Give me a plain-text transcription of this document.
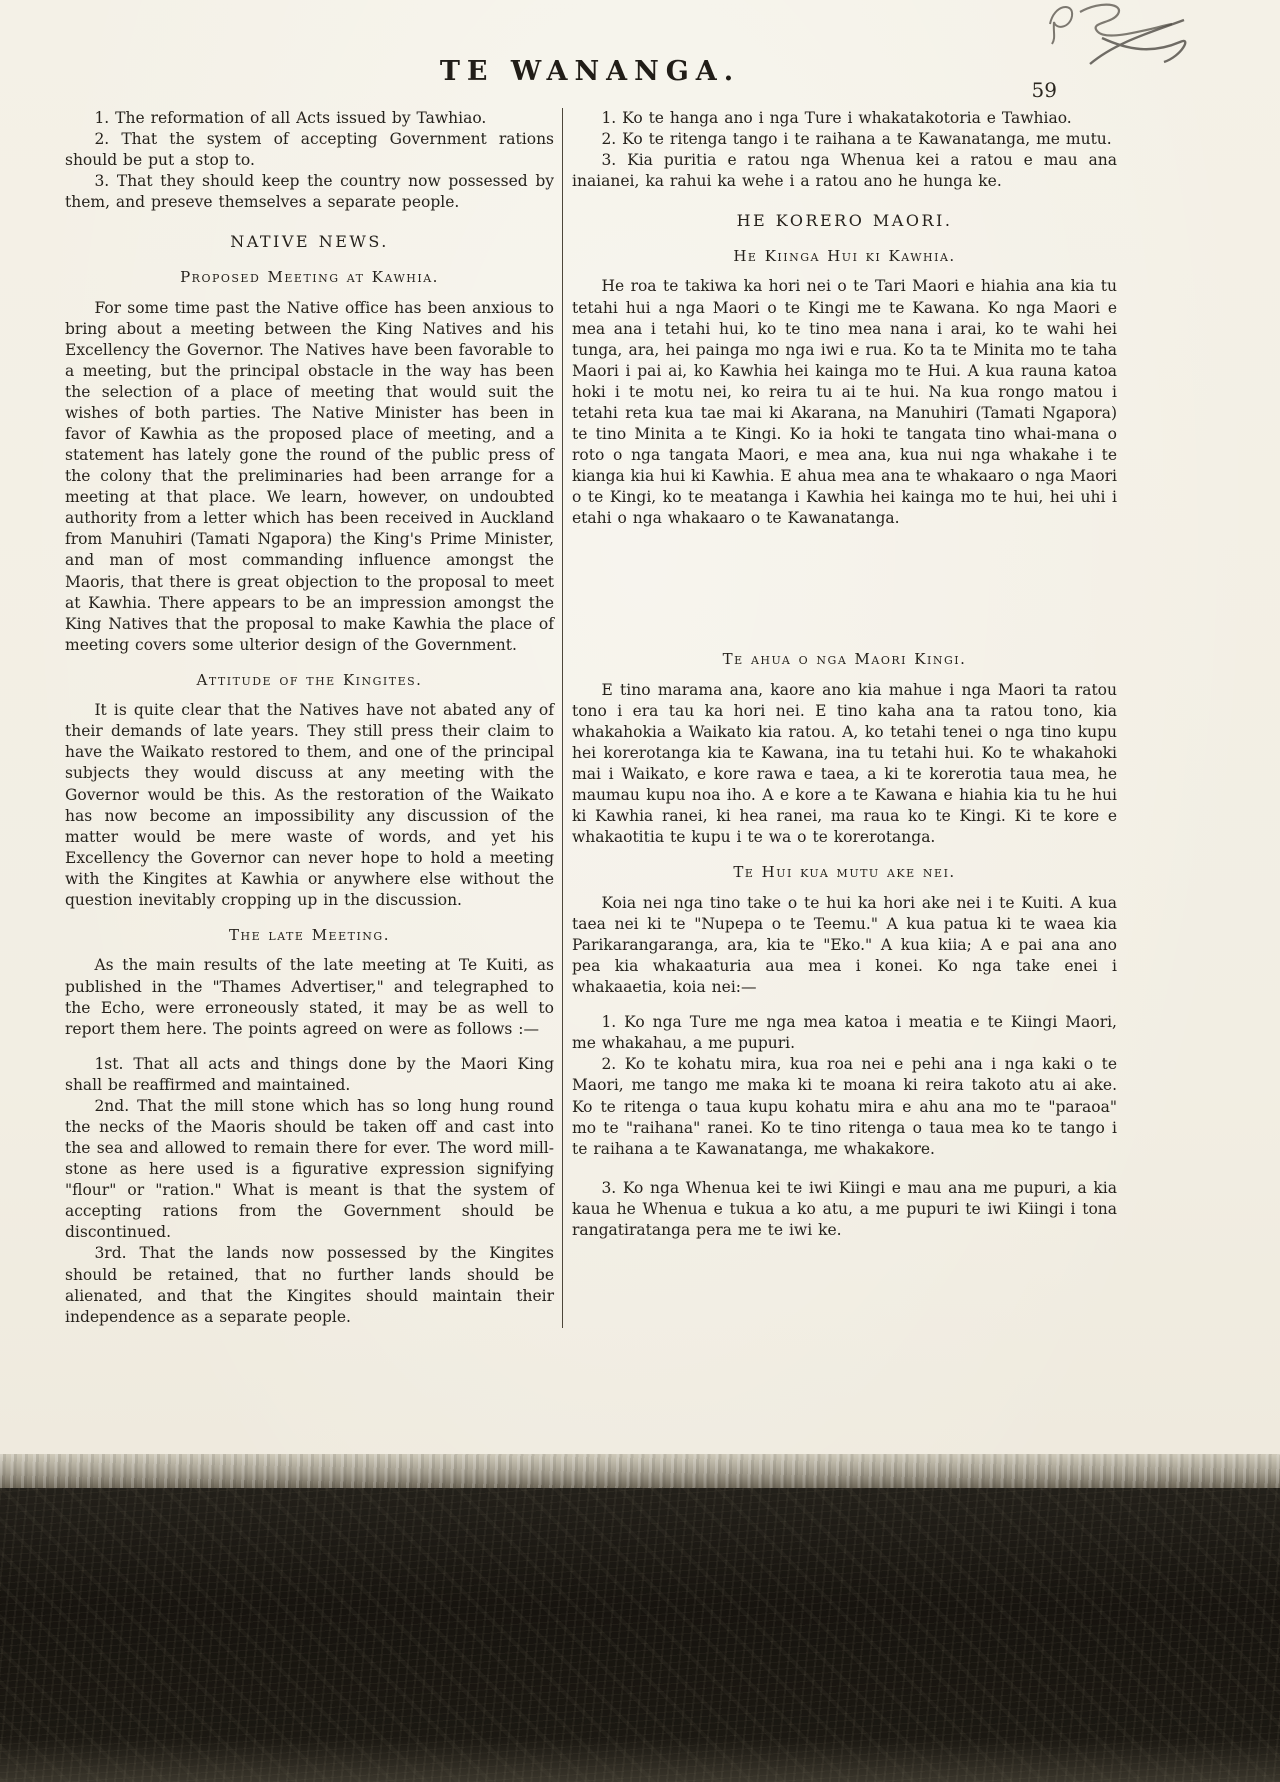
TE WANANGA.
59

1. The reformation of all Acts issued by Tawhiao.

2. That the system of accepting Government rations should be put a stop to.

3. That they should keep the country now possessed by them, and preseve themselves a separate people.

NATIVE NEWS.

Proposed Meeting at Kawhia.

For some time past the Native office has been anxious to bring about a meeting between the King Natives and his Excellency the Governor. The Natives have been favorable to a meeting, but the principal obstacle in the way has been the selection of a place of meeting that would suit the wishes of both parties. The Native Minister has been in favor of Kawhia as the proposed place of meeting, and a statement has lately gone the round of the public press of the colony that the preliminaries had been arrange for a meeting at that place. We learn, however, on undoubted authority from a letter which has been received in Auckland from Manuhiri (Tamati Ngapora) the King's Prime Minister, and man of most commanding influence amongst the Maoris, that there is great objection to the proposal to meet at Kawhia. There appears to be an impression amongst the King Natives that the proposal to make Kawhia the place of meeting covers some ulterior design of the Government.

Attitude of the Kingites.

It is quite clear that the Natives have not abated any of their demands of late years. They still press their claim to have the Waikato restored to them, and one of the principal subjects they would discuss at any meeting with the Governor would be this. As the restoration of the Waikato has now become an impossibility any discussion of the matter would be mere waste of words, and yet his Excellency the Governor can never hope to hold a meeting with the Kingites at Kawhia or anywhere else without the question inevitably cropping up in the discussion.

The late Meeting.

As the main results of the late meeting at Te Kuiti, as published in the "Thames Advertiser," and telegraphed to the Echo, were erroneously stated, it may be as well to report them here. The points agreed on were as follows :—

1st. That all acts and things done by the Maori King shall be reaffirmed and maintained.

2nd. That the mill stone which has so long hung round the necks of the Maoris should be taken off and cast into the sea and allowed to remain there for ever. The word mill-stone as here used is a figurative expression signifying "flour" or "ration." What is meant is that the system of accepting rations from the Government should be discontinued.

3rd. That the lands now possessed by the Kingites should be retained, that no further lands should be alienated, and that the Kingites should maintain their independence as a separate people.

1. Ko te hanga ano i nga Ture i whakatakotoria e Tawhiao.

2. Ko te ritenga tango i te raihana a te Kawanatanga, me mutu.

3. Kia puritia e ratou nga Whenua kei a ratou e mau ana inaianei, ka rahui ka wehe i a ratou ano he hunga ke.

HE KORERO MAORI.

He Kiinga Hui ki Kawhia.

He roa te takiwa ka hori nei o te Tari Maori e hiahia ana kia tu tetahi hui a nga Maori o te Kingi me te Kawana. Ko nga Maori e mea ana i tetahi hui, ko te tino mea nana i arai, ko te wahi hei tunga, ara, hei painga mo nga iwi e rua. Ko ta te Minita mo te taha Maori i pai ai, ko Kawhia hei kainga mo te Hui. A kua rauna katoa hoki i te motu nei, ko reira tu ai te hui. Na kua rongo matou i tetahi reta kua tae mai ki Akarana, na Manuhiri (Tamati Ngapora) te tino Minita a te Kingi. Ko ia hoki te tangata tino whai-mana o roto o nga tangata Maori, e mea ana, kua nui nga whakahe i te kianga kia hui ki Kawhia. E ahua mea ana te whakaaro o nga Maori o te Kingi, ko te meatanga i Kawhia hei kainga mo te hui, hei uhi i etahi o nga whakaaro o te Kawanatanga.

Te ahua o nga Maori Kingi.

E tino marama ana, kaore ano kia mahue i nga Maori ta ratou tono i era tau ka hori nei. E tino kaha ana ta ratou tono, kia whakahokia a Waikato kia ratou. A, ko tetahi tenei o nga tino kupu hei korerotanga kia te Kawana, ina tu tetahi hui. Ko te whakahoki mai i Waikato, e kore rawa e taea, a ki te korerotia taua mea, he maumau kupu noa iho. A e kore a te Kawana e hiahia kia tu he hui ki Kawhia ranei, ki hea ranei, ma raua ko te Kingi. Ki te kore e whakaotitia te kupu i te wa o te korerotanga.

Te Hui kua mutu ake nei.

Koia nei nga tino take o te hui ka hori ake nei i te Kuiti. A kua taea nei ki te "Nupepa o te Teemu." A kua patua ki te waea kia Parikarangaranga, ara, kia te "Eko." A kua kiia; A e pai ana ano pea kia whakaaturia aua mea i konei. Ko nga take enei i whakaaetia, koia nei:—

1. Ko nga Ture me nga mea katoa i meatia e te Kiingi Maori, me whakahau, a me pupuri.

2. Ko te kohatu mira, kua roa nei e pehi ana i nga kaki o te Maori, me tango me maka ki te moana ki reira takoto atu ai ake. Ko te ritenga o taua kupu kohatu mira e ahu ana mo te "paraoa" mo te "raihana" ranei. Ko te tino ritenga o taua mea ko te tango i te raihana a te Kawanatanga, me whakakore.

3. Ko nga Whenua kei te iwi Kiingi e mau ana me pupuri, a kia kaua he Whenua e tukua a ko atu, a me pupuri te iwi Kiingi i tona rangatiratanga pera me te iwi ke.
